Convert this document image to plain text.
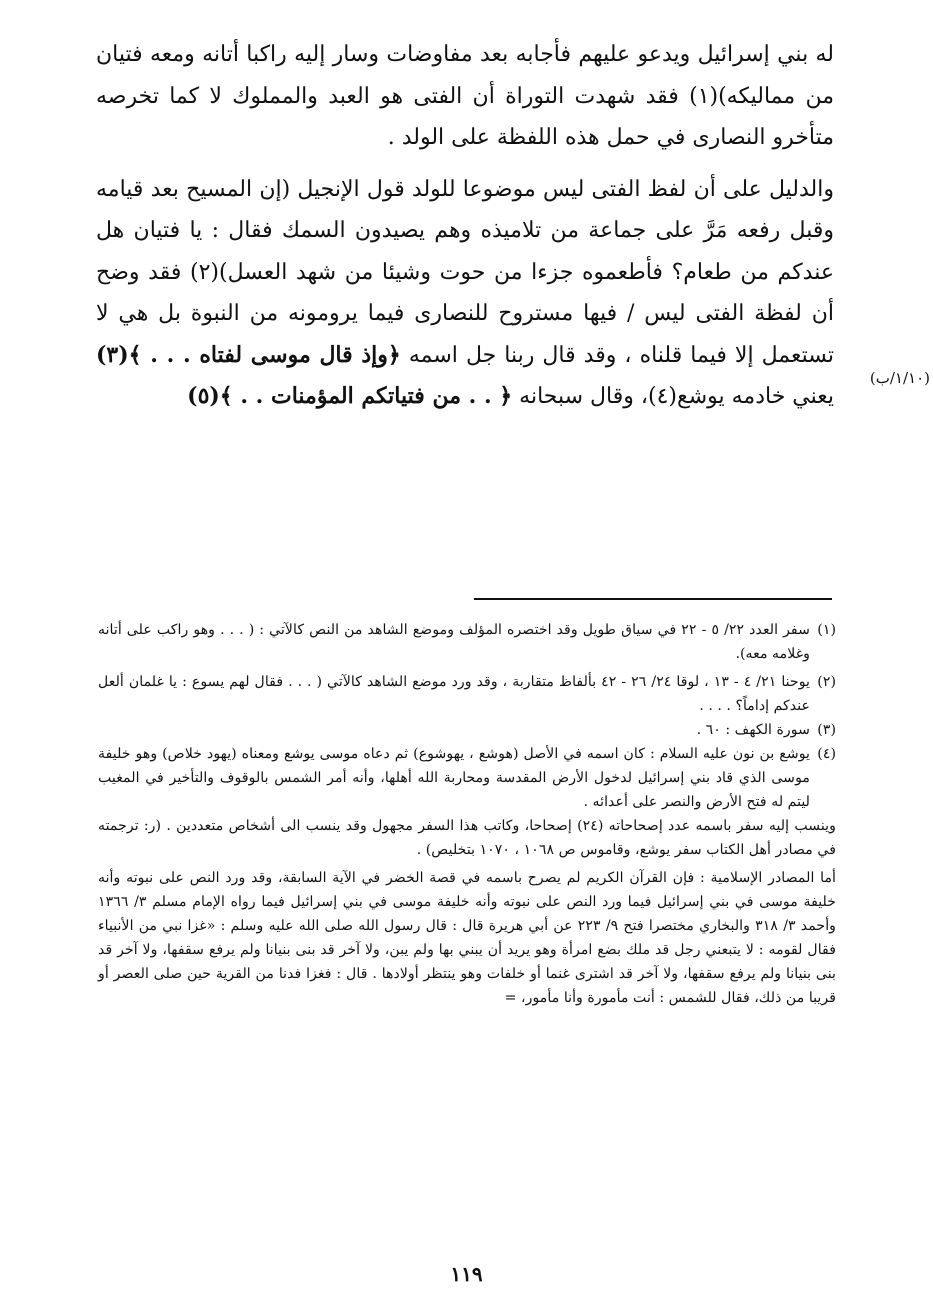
له بني إسرائيل ويدعو عليهم فأجابه بعد مفاوضات وسار إليه راكبا أتانه ومعه فتيان من مماليكه)(١) فقد شهدت التوراة أن الفتى هو العبد والمملوك لا كما تخرصه متأخرو النصارى في حمل هذه اللفظة على الولد .

والدليل على أن لفظ الفتى ليس موضوعا للولد قول الإنجيل (إن المسيح بعد قيامه وقبل رفعه مَرَّ على جماعة من تلاميذه وهم يصيدون السمك فقال : يا فتيان هل عندكم من طعام؟ فأطعموه جزءا من حوت وشيئا من شهد العسل)(٢) فقد وضح أن لفظة الفتى ليس / فيها مستروح للنصارى فيما يرومونه من النبوة بل هي لا تستعمل إلا فيما قلناه ، وقد قال ربنا جل اسمه ﴿وإذ قال موسى لفتاه . . . ﴾(٣) يعني خادمه يوشع(٤)، وقال سبحانه ﴿ . . من فتياتكم المؤمنات . . ﴾(٥)

(١/١٠/ب)

(١)
سفر العدد ٢٢/ ٥ - ٢٢ في سياق طويل وقد اختصره المؤلف وموضع الشاهد من النص كالآتي : ( . . . وهو راكب على أتانه وغلامه معه).

(٢)
يوحنا ٢١/ ٤ - ١٣ ، لوقا ٢٤/ ٢٦ - ٤٢ بألفاظ متقاربة ، وقد ورد موضع الشاهد كالآتي ( . . . فقال لهم يسوع : يا غلمان ألعل عندكم إداماً؟ . . . .

(٣)
سورة الكهف : ٦٠ .

(٤)
يوشع بن نون عليه السلام : كان اسمه في الأصل (هوشع ، يهوشوع) ثم دعاه موسى يوشع ومعناه (يهود خلاص) وهو خليفة موسى الذي قاد بني إسرائيل لدخول الأرض المقدسة ومحاربة الله أهلها، وأنه أمر الشمس بالوقوف والتأخير في المغيب ليتم له فتح الأرض والنصر على أعدائه .

وينسب إليه سفر باسمه عدد إصحاحاته (٢٤) إصحاحا، وكاتب هذا السفر مجهول وقد ينسب الى أشخاص متعددين . (ر: ترجمته في مصادر أهل الكتاب سفر يوشع، وقاموس ص ١٠٦٨ ، ١٠٧٠ بتخليص) .

أما المصادر الإسلامية : فإن القرآن الكريم لم يصرح باسمه في قصة الخضر في الآية السابقة، وقد ورد النص على نبوته وأنه خليفة موسى في بني إسرائيل فيما ورد النص على نبوته وأنه خليفة موسى في بني إسرائيل فيما رواه الإمام مسلم ٣/ ١٣٦٦ وأحمد ٣/ ٣١٨ والبخاري مختصرا فتح ٩/ ٢٢٣ عن أبي هريرة قال : قال رسول الله صلى الله عليه وسلم : «غزا نبي من الأنبياء فقال لقومه : لا يتبعني رجل قد ملك بضع امرأة وهو يريد أن يبني بها ولم يبن، ولا آخر قد بنى بنيانا ولم يرفع سقفها، ولا آخر قد بنى بنيانا ولم يرفع سقفها، ولا آخر قد اشترى غنما أو خلفات وهو ينتظر أولادها . قال : فغزا فدنا من القرية حين صلى العصر أو قريبا من ذلك، فقال للشمس : أنت مأمورة وأنا مأمور، =

١١٩
